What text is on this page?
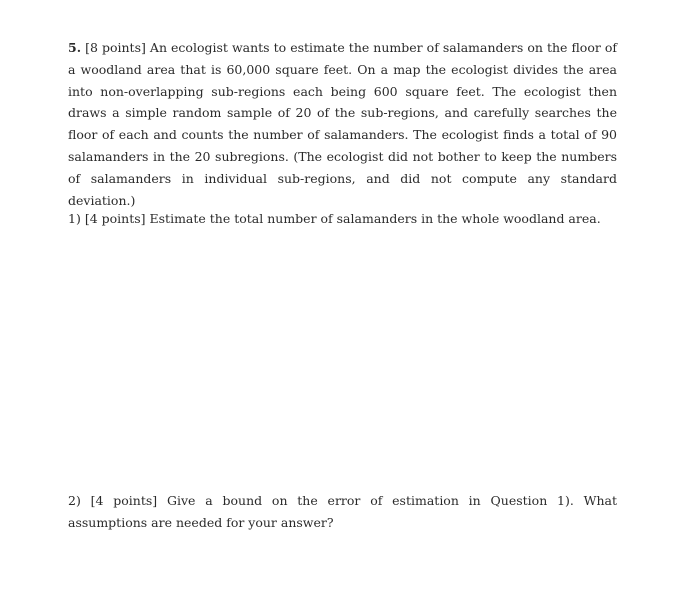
5. [8 points] An ecologist wants to estimate the number of salamanders on the floor of a woodland area that is 60,000 square feet. On a map the ecologist divides the area into non-overlapping sub-regions each being 600 square feet. The ecologist then draws a simple random sample of 20 of the sub-regions, and carefully searches the floor of each and counts the number of salamanders. The ecologist finds a total of 90 salamanders in the 20 subregions. (The ecologist did not bother to keep the numbers of salamanders in individual sub-regions, and did not compute any standard deviation.)

1) [4 points] Estimate the total number of salamanders in the whole woodland area.

2) [4 points] Give a bound on the error of estimation in Question 1). What assumptions are needed for your answer?
